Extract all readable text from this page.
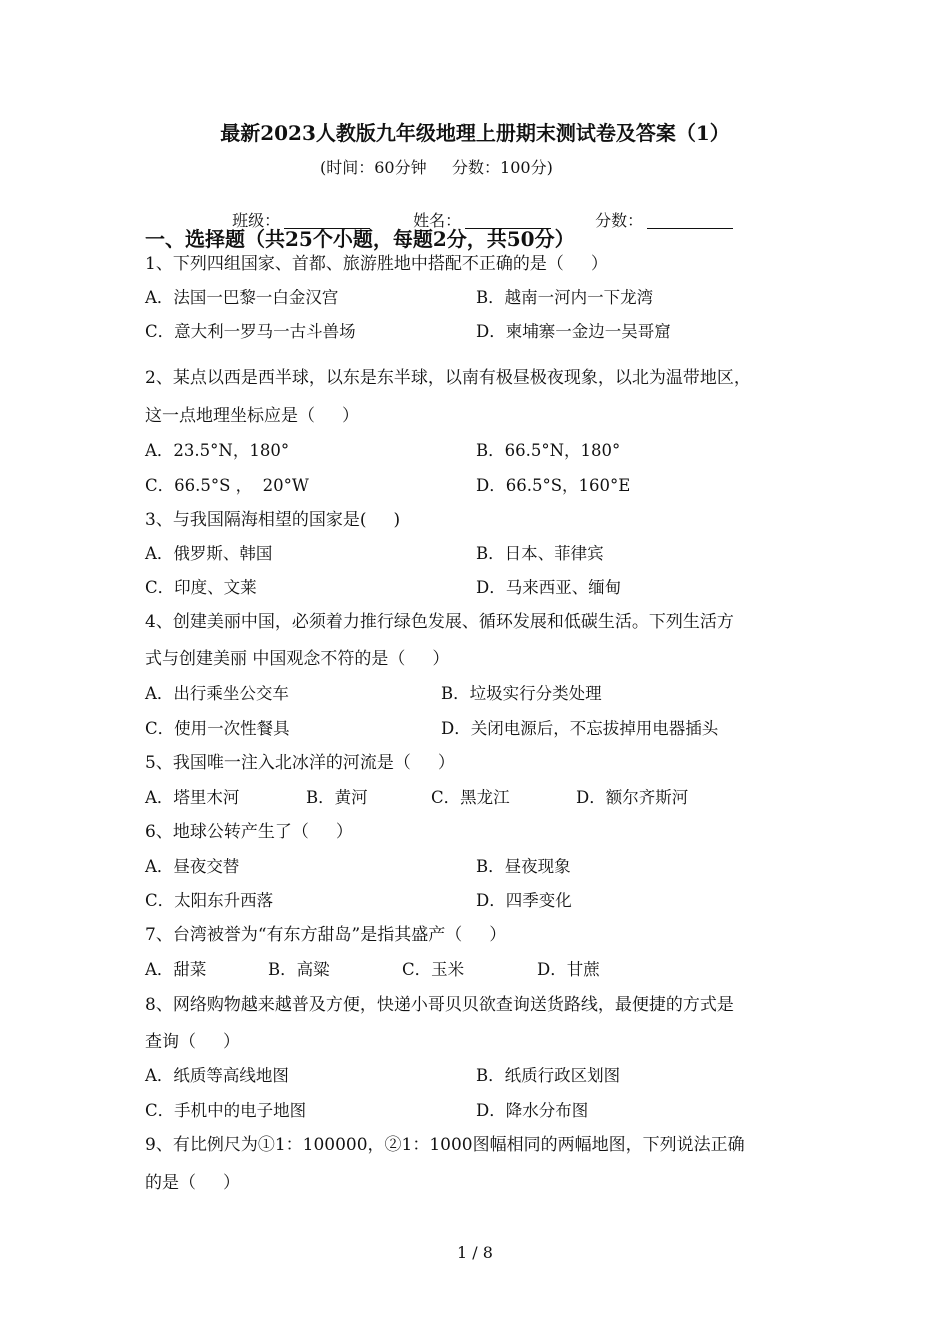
最新2023人教版九年级地理上册期末测试卷及答案（1）
(时间：60分钟     分数：100分)

班级：	姓名：	分数：

一、选择题（共25个小题，每题2分，共50分）
1、下列四组国家、首都、旅游胜地中搭配不正确的是（     ）
A．法国一巴黎一白金汉宫	B．越南一河内一下龙湾
C．意大利一罗马一古斗兽场	D．柬埔寨一金边一吴哥窟
2、某点以西是西半球，以东是东半球，以南有极昼极夜现象，以北为温带地区，
这一点地理坐标应是（     ）
A．23.5°N，180°	B．66.5°N，180°
C．66.5°S ，  20°W	D．66.5°S，160°E
3、与我国隔海相望的国家是(     )
A．俄罗斯、韩国	B．日本、菲律宾
C．印度、文莱	D．马来西亚、缅甸
4、创建美丽中国，必须着力推行绿色发展、循环发展和低碳生活。下列生活方
式与创建美丽 中国观念不符的是（     ）
A．出行乘坐公交车	B．垃圾实行分类处理
C．使用一次性餐具	D．关闭电源后，不忘拔掉用电器插头
5、我国唯一注入北冰洋的河流是（     ）
A．塔里木河	B．黄河	C．黑龙江	D．额尔齐斯河
6、地球公转产生了（     ）
A．昼夜交替	B．昼夜现象
C．太阳东升西落	D．四季变化
7、台湾被誉为“有东方甜岛”是指其盛产（     ）
A．甜菜	B．高粱	C．玉米	D．甘蔗
8、网络购物越来越普及方便，快递小哥贝贝欲查询送货路线，最便捷的方式是
查询（     ）
A．纸质等高线地图	B．纸质行政区划图
C．手机中的电子地图	D．降水分布图
9、有比例尺为①1：100000，②1：1000图幅相同的两幅地图，下列说法正确
的是（     ）
1 / 8
